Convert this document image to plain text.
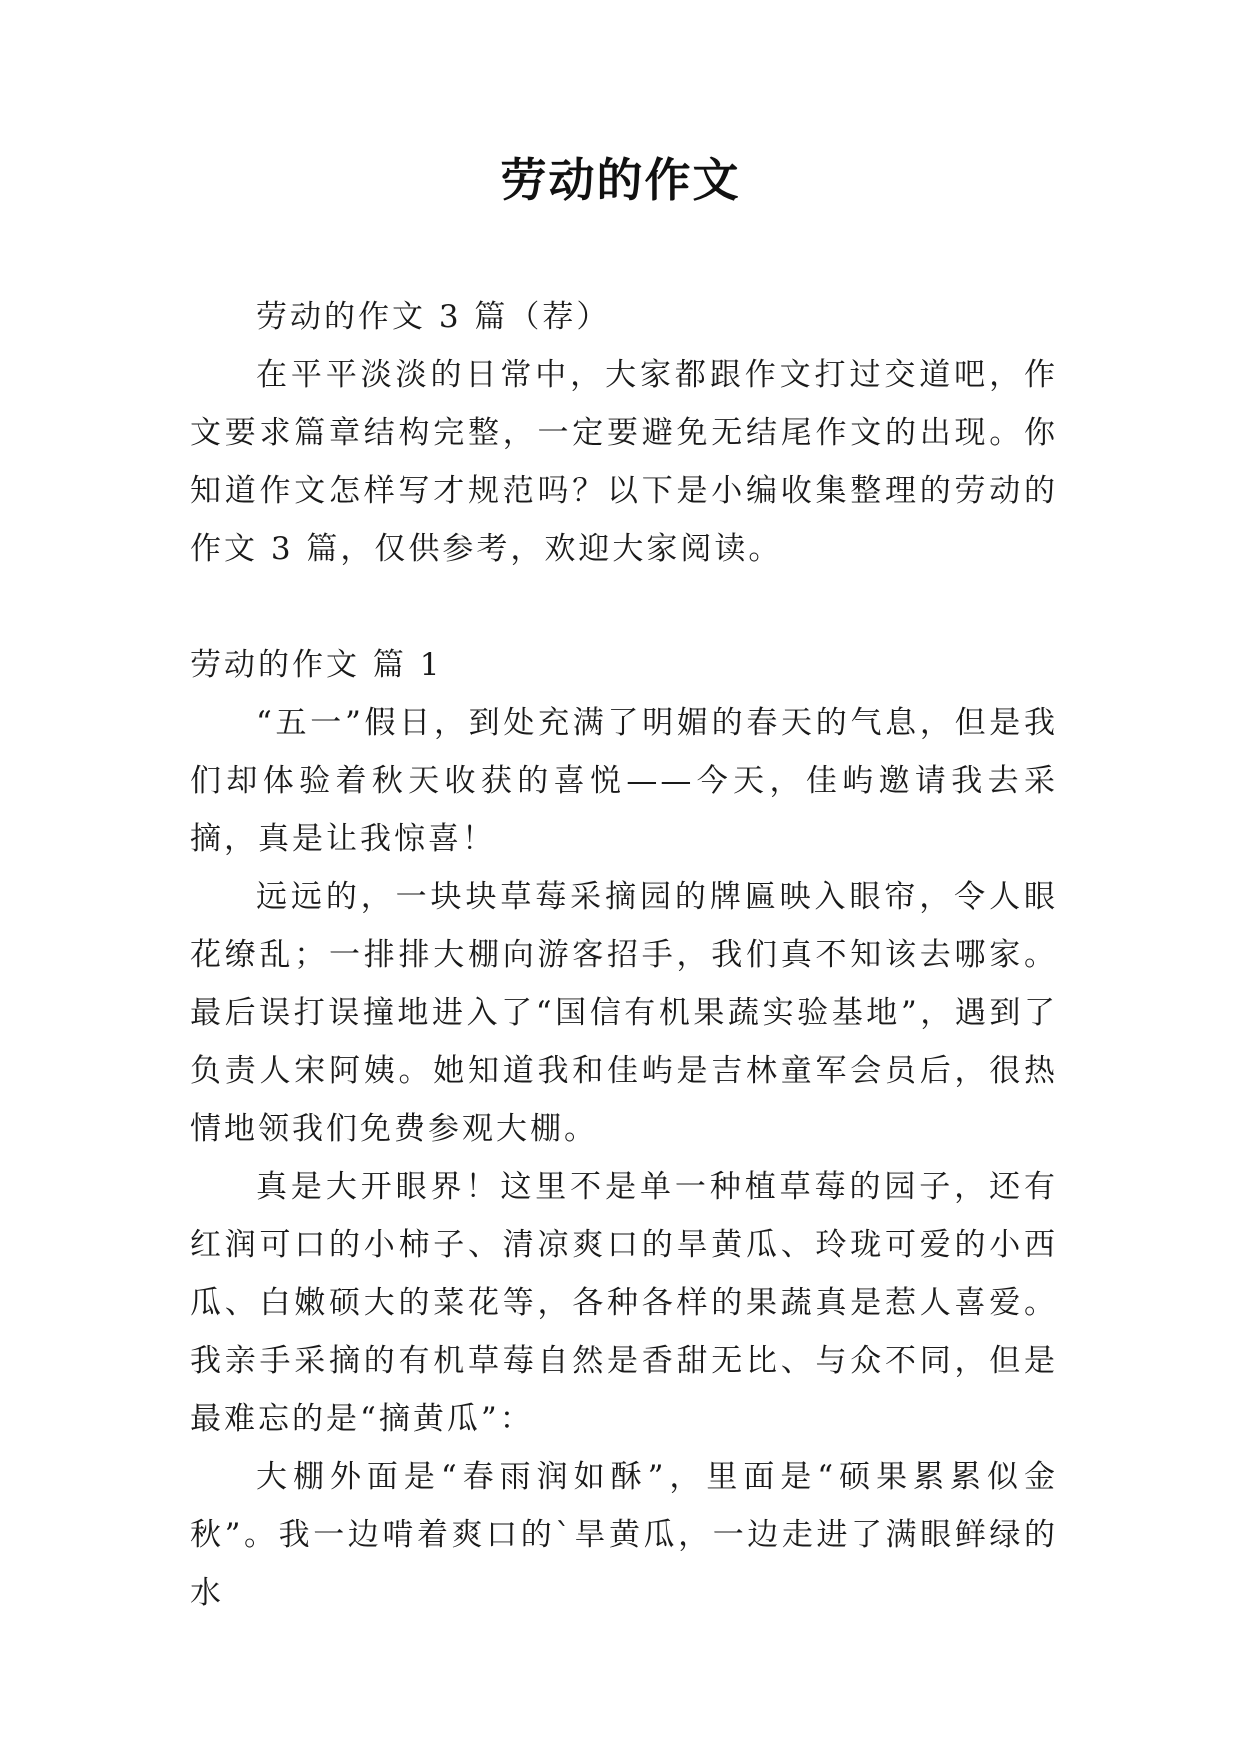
劳动的作文

劳动的作文 3 篇（荐）

在平平淡淡的日常中，大家都跟作文打过交道吧，作文要求篇章结构完整，一定要避免无结尾作文的出现。你知道作文怎样写才规范吗？以下是小编收集整理的劳动的作文 3 篇，仅供参考，欢迎大家阅读。

劳动的作文 篇 1

“五一”假日，到处充满了明媚的春天的气息，但是我们却体验着秋天收获的喜悦——今天，佳屿邀请我去采摘，真是让我惊喜！

远远的，一块块草莓采摘园的牌匾映入眼帘，令人眼花缭乱；一排排大棚向游客招手，我们真不知该去哪家。最后误打误撞地进入了“国信有机果蔬实验基地”，遇到了负责人宋阿姨。她知道我和佳屿是吉林童军会员后，很热情地领我们免费参观大棚。

真是大开眼界！这里不是单一种植草莓的园子，还有红润可口的小柿子、清凉爽口的旱黄瓜、玲珑可爱的小西瓜、白嫩硕大的菜花等，各种各样的果蔬真是惹人喜爱。我亲手采摘的有机草莓自然是香甜无比、与众不同，但是最难忘的是“摘黄瓜”：

大棚外面是“春雨润如酥”，里面是“硕果累累似金秋”。我一边啃着爽口的`旱黄瓜，一边走进了满眼鲜绿的水
